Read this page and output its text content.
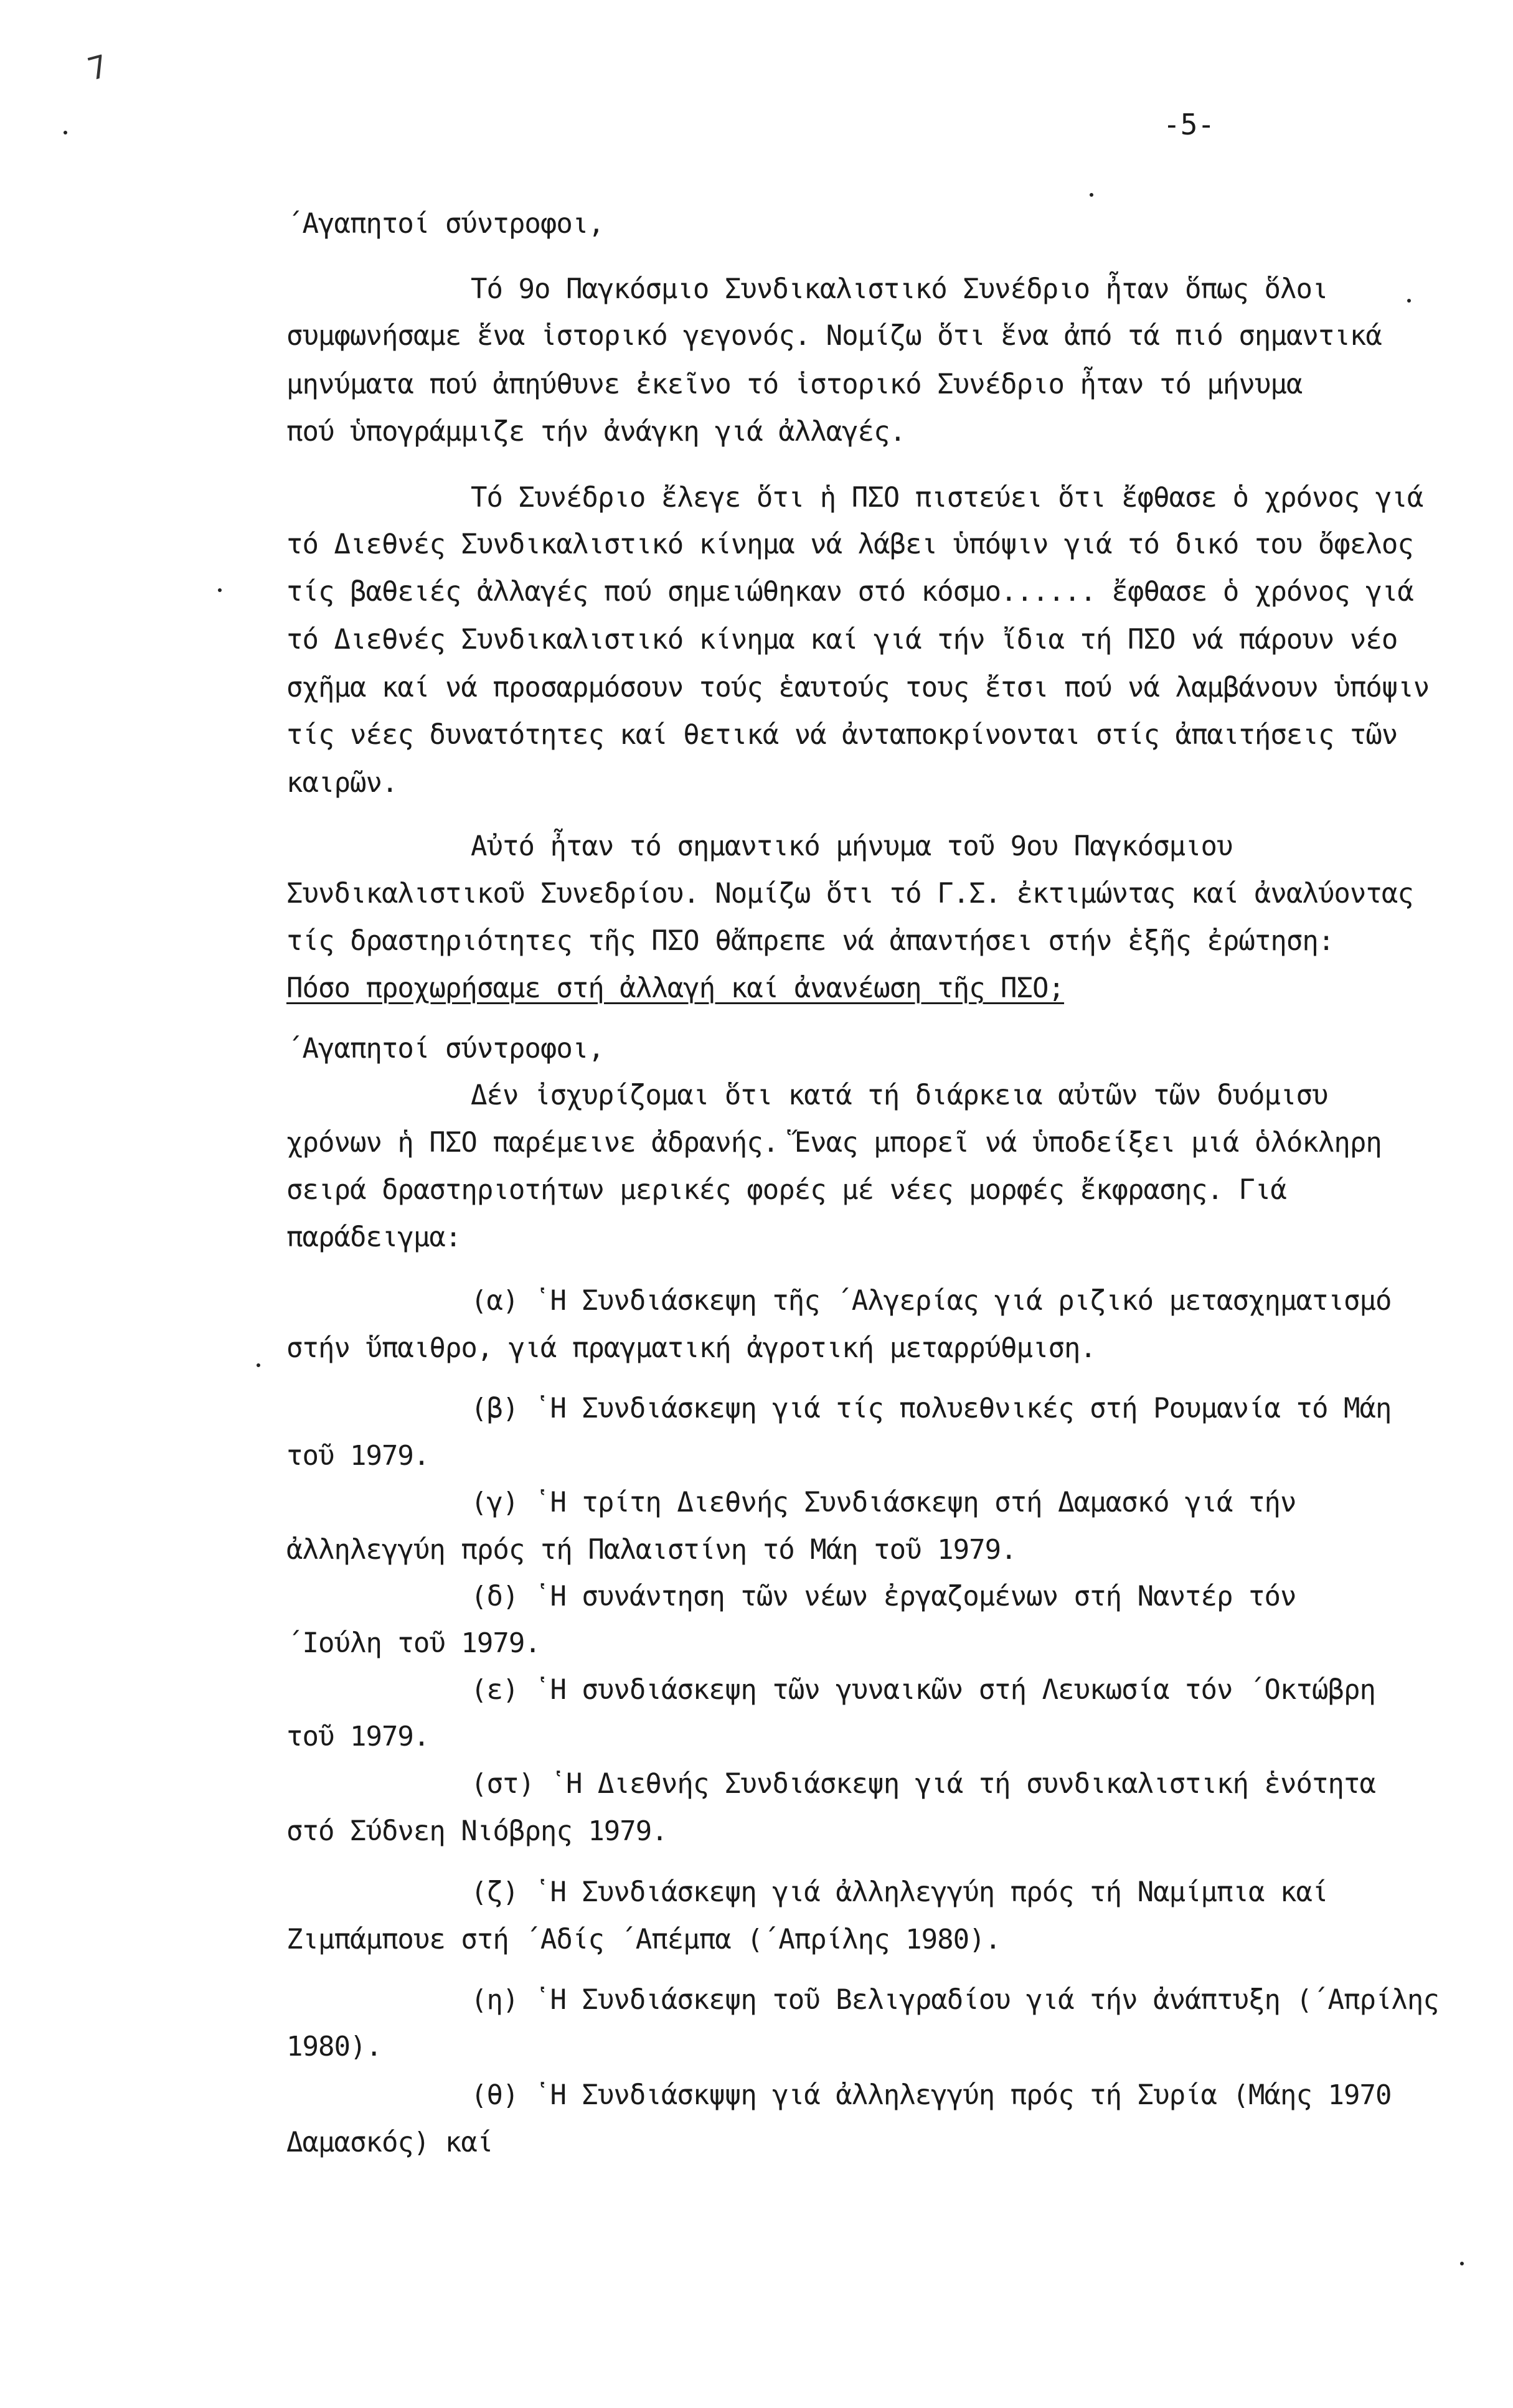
7
-5-
΄Αγαπητοί σύντροφοι,
Τό 9ο Παγκόσμιο Συνδικαλιστικό Συνέδριο ἦταν ὅπως ὅλοι
συμφωνήσαμε ἕνα ἱστορικό γεγονός. Νομίζω ὅτι ἕνα ἀπό τά πιό σημαντικά
μηνύματα πού ἀπηύθυνε ἐκεῖνο τό ἱστορικό Συνέδριο ἦταν τό μήνυμα
πού ὑπογράμμιζε τήν ἀνάγκη γιά ἀλλαγές.
Τό Συνέδριο ἔλεγε ὅτι ἡ ΠΣΟ πιστεύει ὅτι ἔφθασε ὁ χρόνος γιά
τό Διεθνές Συνδικαλιστικό κίνημα νά λάβει ὑπόψιν γιά τό δικό του ὄφελος
τίς βαθειές ἀλλαγές πού σημειώθηκαν στό κόσμο...... ἔφθασε ὁ χρόνος γιά
τό Διεθνές Συνδικαλιστικό κίνημα καί γιά τήν ἴδια τή ΠΣΟ νά πάρουν νέο
σχῆμα καί νά προσαρμόσουν τούς ἑαυτούς τους ἔτσι πού νά λαμβάνουν ὑπόψιν
τίς νέες δυνατότητες καί θετικά νά ἀνταποκρίνονται στίς ἀπαιτήσεις τῶν
καιρῶν.
Αὐτό ἦταν τό σημαντικό μήνυμα τοῦ 9ου Παγκόσμιου
Συνδικαλιστικοῦ Συνεδρίου. Νομίζω ὅτι τό Γ.Σ. ἐκτιμώντας καί ἀναλύοντας
τίς δραστηριότητες τῆς ΠΣΟ θἄπρεπε νά ἀπαντήσει στήν ἑξῆς ἐρώτηση:
Πόσο προχωρήσαμε στή ἀλλαγή καί ἀνανέωση τῆς ΠΣΟ;
΄Αγαπητοί σύντροφοι,
Δέν ἰσχυρίζομαι ὅτι κατά τή διάρκεια αὐτῶν τῶν δυόμισυ
χρόνων ἡ ΠΣΟ παρέμεινε ἀδρανής. Ἕνας μπορεῖ νά ὑποδείξει μιά ὁλόκληρη
σειρά δραστηριοτήτων μερικές φορές μέ νέες μορφές ἔκφρασης. Γιά
παράδειγμα:
(α) ῾Η Συνδιάσκεψη τῆς ΄Αλγερίας γιά ριζικό μετασχηματισμό
στήν ὕπαιθρο, γιά πραγματική ἀγροτική μεταρρύθμιση.
(β) ῾Η Συνδιάσκεψη γιά τίς πολυεθνικές στή Ρουμανία τό Μάη
τοῦ 1979.
(γ) ῾Η τρίτη Διεθνής Συνδιάσκεψη στή Δαμασκό γιά τήν
ἀλληλεγγύη πρός τή Παλαιστίνη τό Μάη τοῦ 1979.
(δ) ῾Η συνάντηση τῶν νέων ἐργαζομένων στή Ναντέρ τόν
΄Ιούλη τοῦ 1979.
(ε) ῾Η συνδιάσκεψη τῶν γυναικῶν στή Λευκωσία τόν ΄Οκτώβρη
τοῦ 1979.
(στ) ῾Η Διεθνής Συνδιάσκεψη γιά τή συνδικαλιστική ἑνότητα
στό Σύδνεη Νιόβρης 1979.
(ζ) ῾Η Συνδιάσκεψη γιά ἀλληλεγγύη πρός τή Ναμίμπια καί
Ζιμπάμπουε στή ΄Αδίς ΄Απέμπα (΄Απρίλης 1980).
(η) ῾Η Συνδιάσκεψη τοῦ Βελιγραδίου γιά τήν ἀνάπτυξη (΄Απρίλης
1980).
(θ) ῾Η Συνδιάσκψψη γιά ἀλληλεγγύη πρός τή Συρία (Μάης 1970
Δαμασκός) καί
